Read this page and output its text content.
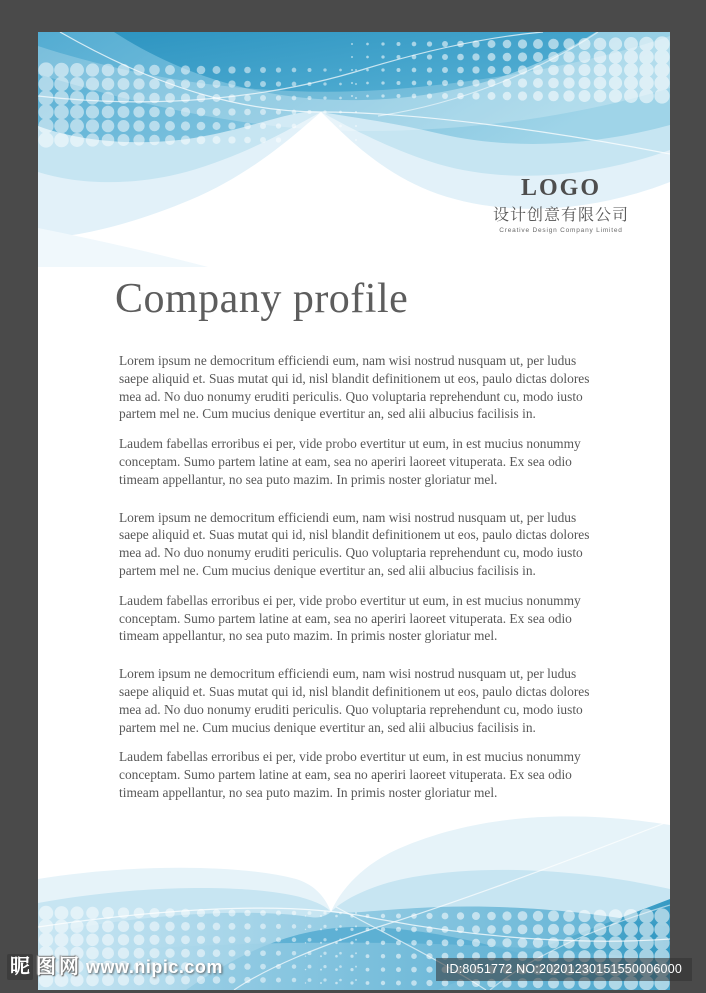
LOGO
设计创意有限公司
Creative Design Company Limited
Company profile

Lorem ipsum ne democritum efficiendi eum, nam wisi nostrud nusquam ut, per ludus saepe aliquid et. Suas mutat qui id, nisl blandit definitionem ut eos, paulo dictas dolores mea ad. No duo nonumy eruditi periculis. Quo voluptaria reprehendunt cu, modo iusto partem mel ne. Cum mucius denique evertitur an, sed alii albucius facilisis in.

Laudem fabellas erroribus ei per, vide probo evertitur ut eum, in est mucius nonummy conceptam. Sumo partem latine at eam, sea no aperiri laoreet vituperata. Ex sea odio timeam appellantur, no sea puto mazim. In primis noster gloriatur mel.

Lorem ipsum ne democritum efficiendi eum, nam wisi nostrud nusquam ut, per ludus saepe aliquid et. Suas mutat qui id, nisl blandit definitionem ut eos, paulo dictas dolores mea ad. No duo nonumy eruditi periculis. Quo voluptaria reprehendunt cu, modo iusto partem mel ne. Cum mucius denique evertitur an, sed alii albucius facilisis in.

Laudem fabellas erroribus ei per, vide probo evertitur ut eum, in est mucius nonummy conceptam. Sumo partem latine at eam, sea no aperiri laoreet vituperata. Ex sea odio timeam appellantur, no sea puto mazim. In primis noster gloriatur mel.

Lorem ipsum ne democritum efficiendi eum, nam wisi nostrud nusquam ut, per ludus saepe aliquid et. Suas mutat qui id, nisl blandit definitionem ut eos, paulo dictas dolores mea ad. No duo nonumy eruditi periculis. Quo voluptaria reprehendunt cu, modo iusto partem mel ne. Cum mucius denique evertitur an, sed alii albucius facilisis in.

Laudem fabellas erroribus ei per, vide probo evertitur ut eum, in est mucius nonummy conceptam. Sumo partem latine at eam, sea no aperiri laoreet vituperata. Ex sea odio timeam appellantur, no sea puto mazim. In primis noster gloriatur mel.

昵 图 网 www.nipic.com	ID:8051772 NO:20201230151550006000
